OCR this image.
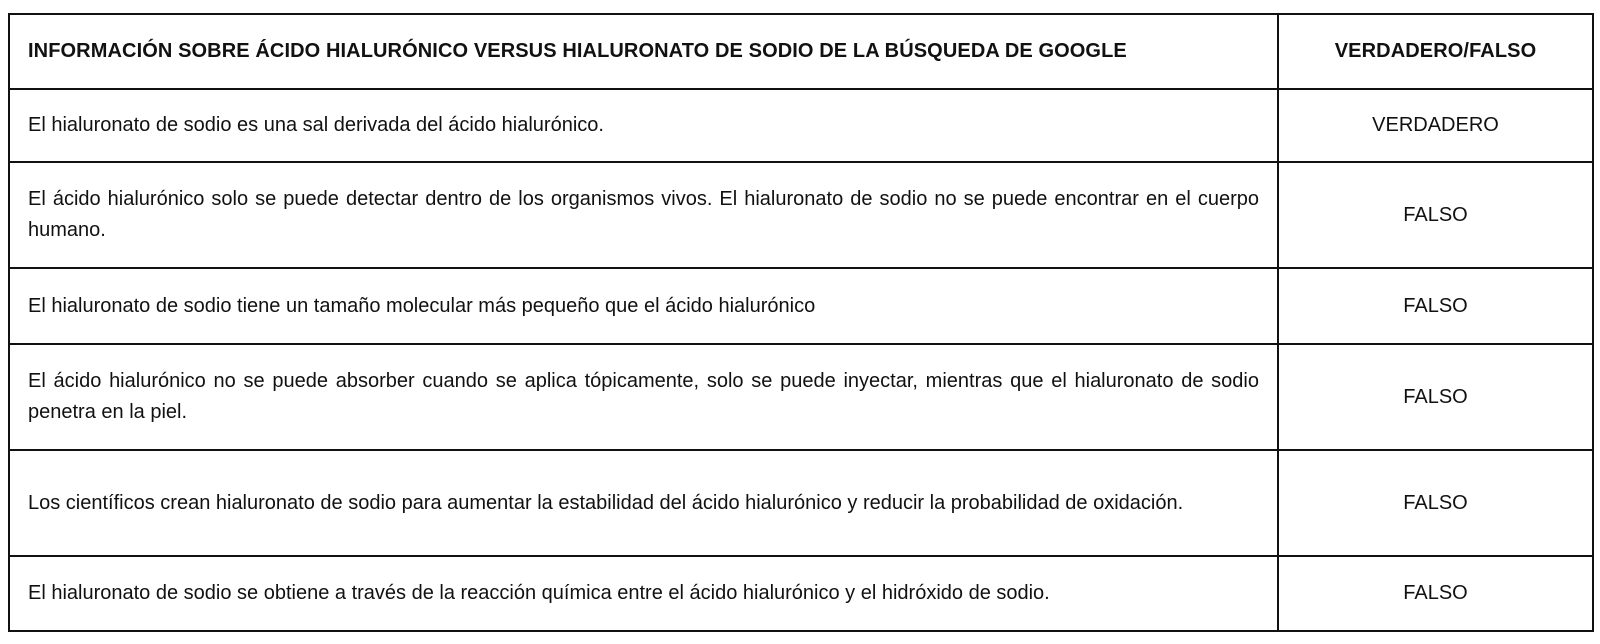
INFORMACIÓN SOBRE ÁCIDO HIALURÓNICO VERSUS HIALURONATO DE SODIO DE LA BÚSQUEDA DE GOOGLE	VERDADERO/FALSO
El hialuronato de sodio es una sal derivada del ácido hialurónico.	VERDADERO
El ácido hialurónico solo se puede detectar dentro de los organismos vivos. El hialuronato de sodio no se puede encontrar en el cuerpo humano.	FALSO
El hialuronato de sodio tiene un tamaño molecular más pequeño que el ácido hialurónico	FALSO
El ácido hialurónico no se puede absorber cuando se aplica tópicamente, solo se puede inyectar, mientras que el hialuronato de sodio penetra en la piel.	FALSO
Los científicos crean hialuronato de sodio para aumentar la estabilidad del ácido hialurónico y reducir la probabilidad de oxidación.	FALSO
El hialuronato de sodio se obtiene a través de la reacción química entre el ácido hialurónico y el hidróxido de sodio.	FALSO
